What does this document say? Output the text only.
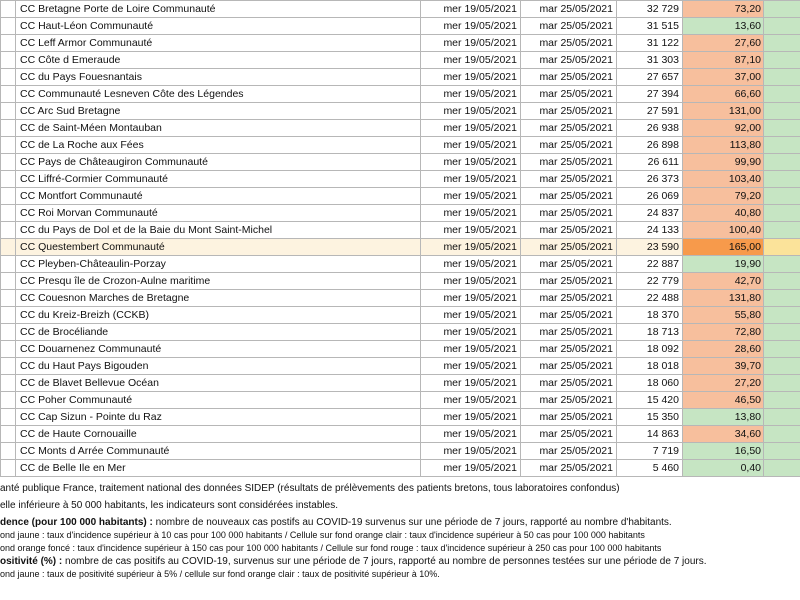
	CC Bretagne Porte de Loire Communauté	mer 19/05/2021	mar 25/05/2021	32 729	73,20	
	CC Haut-Léon Communauté	mer 19/05/2021	mar 25/05/2021	31 515	13,60	
	CC Leff Armor Communauté	mer 19/05/2021	mar 25/05/2021	31 122	27,60	
	CC Côte d Emeraude	mer 19/05/2021	mar 25/05/2021	31 303	87,10	
	CC du Pays Fouesnantais	mer 19/05/2021	mar 25/05/2021	27 657	37,00	
	CC Communauté Lesneven Côte des Légendes	mer 19/05/2021	mar 25/05/2021	27 394	66,60	
	CC Arc Sud Bretagne	mer 19/05/2021	mar 25/05/2021	27 591	131,00	
	CC de Saint-Méen Montauban	mer 19/05/2021	mar 25/05/2021	26 938	92,00	
	CC de La Roche aux Fées	mer 19/05/2021	mar 25/05/2021	26 898	113,80	
	CC Pays de Châteaugiron Communauté	mer 19/05/2021	mar 25/05/2021	26 611	99,90	
	CC Liffré-Cormier Communauté	mer 19/05/2021	mar 25/05/2021	26 373	103,40	
	CC Montfort Communauté	mer 19/05/2021	mar 25/05/2021	26 069	79,20	
	CC Roi Morvan Communauté	mer 19/05/2021	mar 25/05/2021	24 837	40,80	
	CC du Pays de Dol et de la Baie du Mont Saint-Michel	mer 19/05/2021	mar 25/05/2021	24 133	100,40	
	CC Questembert Communauté	mer 19/05/2021	mar 25/05/2021	23 590	165,00	
	CC Pleyben-Châteaulin-Porzay	mer 19/05/2021	mar 25/05/2021	22 887	19,90	
	CC Presqu île de Crozon-Aulne maritime	mer 19/05/2021	mar 25/05/2021	22 779	42,70	
	CC Couesnon Marches de Bretagne	mer 19/05/2021	mar 25/05/2021	22 488	131,80	
	CC du Kreiz-Breizh (CCKB)	mer 19/05/2021	mar 25/05/2021	18 370	55,80	
	CC de Brocéliande	mer 19/05/2021	mar 25/05/2021	18 713	72,80	
	CC Douarnenez Communauté	mer 19/05/2021	mar 25/05/2021	18 092	28,60	
	CC du Haut Pays Bigouden	mer 19/05/2021	mar 25/05/2021	18 018	39,70	
	CC de Blavet Bellevue Océan	mer 19/05/2021	mar 25/05/2021	18 060	27,20	
	CC Poher Communauté	mer 19/05/2021	mar 25/05/2021	15 420	46,50	
	CC Cap Sizun - Pointe du Raz	mer 19/05/2021	mar 25/05/2021	15 350	13,80	
	CC de Haute Cornouaille	mer 19/05/2021	mar 25/05/2021	14 863	34,60	
	CC Monts d Arrée Communauté	mer 19/05/2021	mar 25/05/2021	7 719	16,50	
	CC de Belle Ile en Mer	mer 19/05/2021	mar 25/05/2021	5 460	0,40	
anté publique France, traitement national des données SIDEP (résultats de prélèvements des patients bretons, tous laboratoires confondus)
elle inférieure à 50 000 habitants, les indicateurs sont considérées instables.
dence (pour 100 000 habitants) : nombre de nouveaux cas postifs au COVID-19 survenus sur une période de 7 jours, rapporté au nombre d'habitants.
ond jaune : taux d'incidence supérieur à 10 cas pour 100 000 habitants / Cellule sur fond orange clair : taux d'incidence supérieur à 50 cas pour 100 000 habitants
ond orange foncé : taux d'incidence supérieur à 150 cas pour 100 000 habitants / Cellule sur fond rouge : taux d'incidence supérieur à 250 cas pour 100 000 habitants
ositivité (%) : nombre de cas positifs au COVID-19, survenus sur une période de 7 jours, rapporté au nombre de personnes testées sur une période de 7 jours.
ond jaune : taux de positivité supérieur à 5% / cellule sur fond orange clair : taux de positivité supérieur à 10%.
